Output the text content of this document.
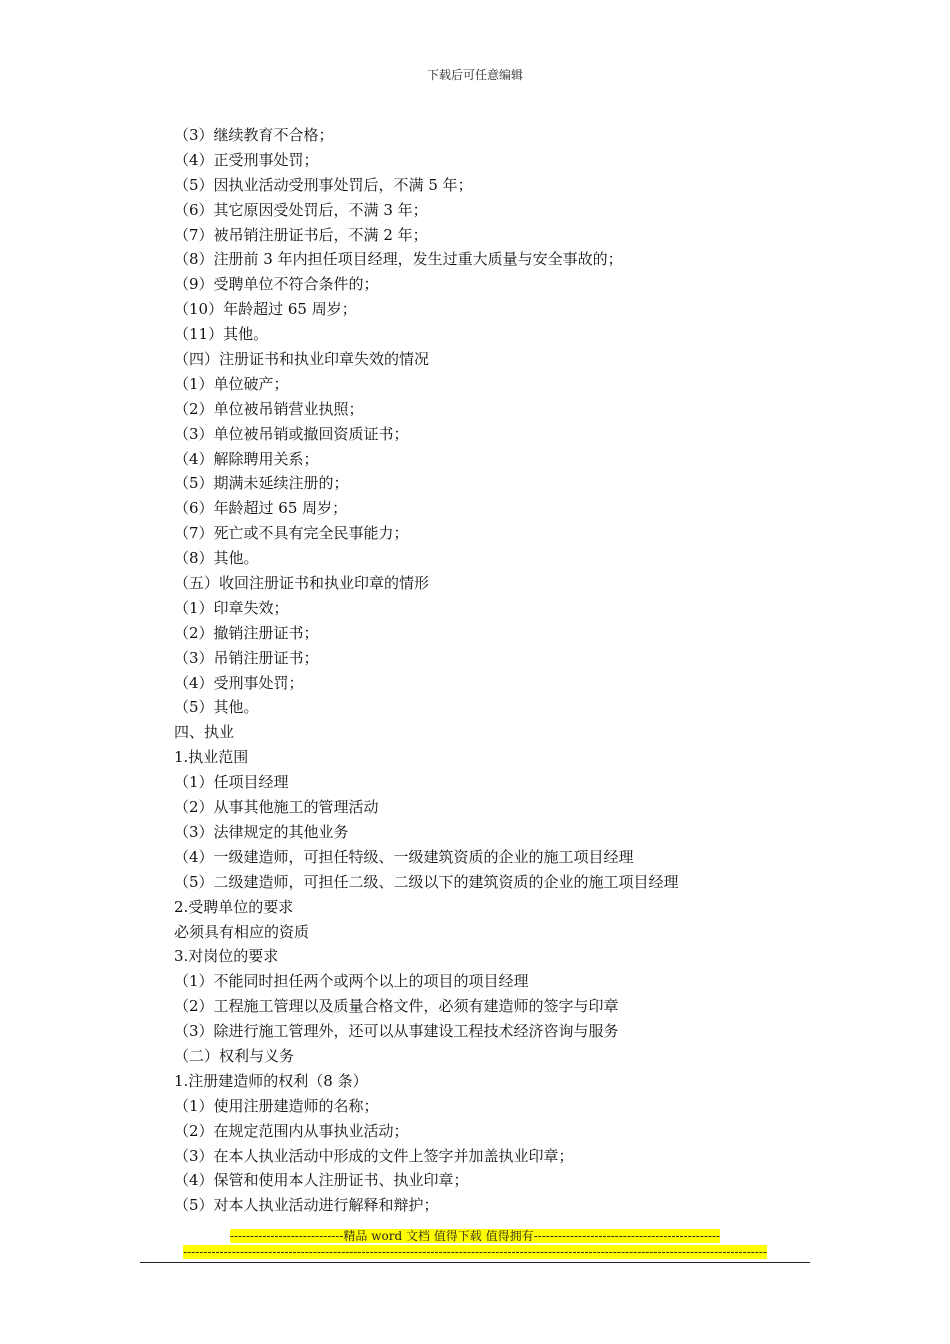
下载后可任意编辑
（3）继续教育不合格；
（4）正受刑事处罚；
（5）因执业活动受刑事处罚后，不满 5 年；
（6）其它原因受处罚后，不满 3 年；
（7）被吊销注册证书后，不满 2 年；
（8）注册前 3 年内担任项目经理，发生过重大质量与安全事故的；
（9）受聘单位不符合条件的；
（10）年龄超过 65 周岁；
（11）其他。
（四）注册证书和执业印章失效的情况
（1）单位破产；
（2）单位被吊销营业执照；
（3）单位被吊销或撤回资质证书；
（4）解除聘用关系；
（5）期满未延续注册的；
（6）年龄超过 65 周岁；
（7）死亡或不具有完全民事能力；
（8）其他。
（五）收回注册证书和执业印章的情形
（1）印章失效；
（2）撤销注册证书；
（3）吊销注册证书；
（4）受刑事处罚；
（5）其他。
四、执业
1.执业范围
（1）任项目经理
（2）从事其他施工的管理活动
（3）法律规定的其他业务
（4）一级建造师，可担任特级、一级建筑资质的企业的施工项目经理
（5）二级建造师，可担任二级、二级以下的建筑资质的企业的施工项目经理
2.受聘单位的要求
必须具有相应的资质
3.对岗位的要求
（1）不能同时担任两个或两个以上的项目的项目经理
（2）工程施工管理以及质量合格文件，必须有建造师的签字与印章
（3）除进行施工管理外，还可以从事建设工程技术经济咨询与服务
（二）权利与义务
1.注册建造师的权利（8 条）
（1）使用注册建造师的名称；
（2）在规定范围内从事执业活动；
（3）在本人执业活动中形成的文件上签字并加盖执业印章；
（4）保管和使用本人注册证书、执业印章；
（5）对本人执业活动进行解释和辩护；
----------------------------精品 word 文档 值得下载 值得拥有----------------------------------------------
------------------------------------------------------------------------------------------------------------------------------------------------
